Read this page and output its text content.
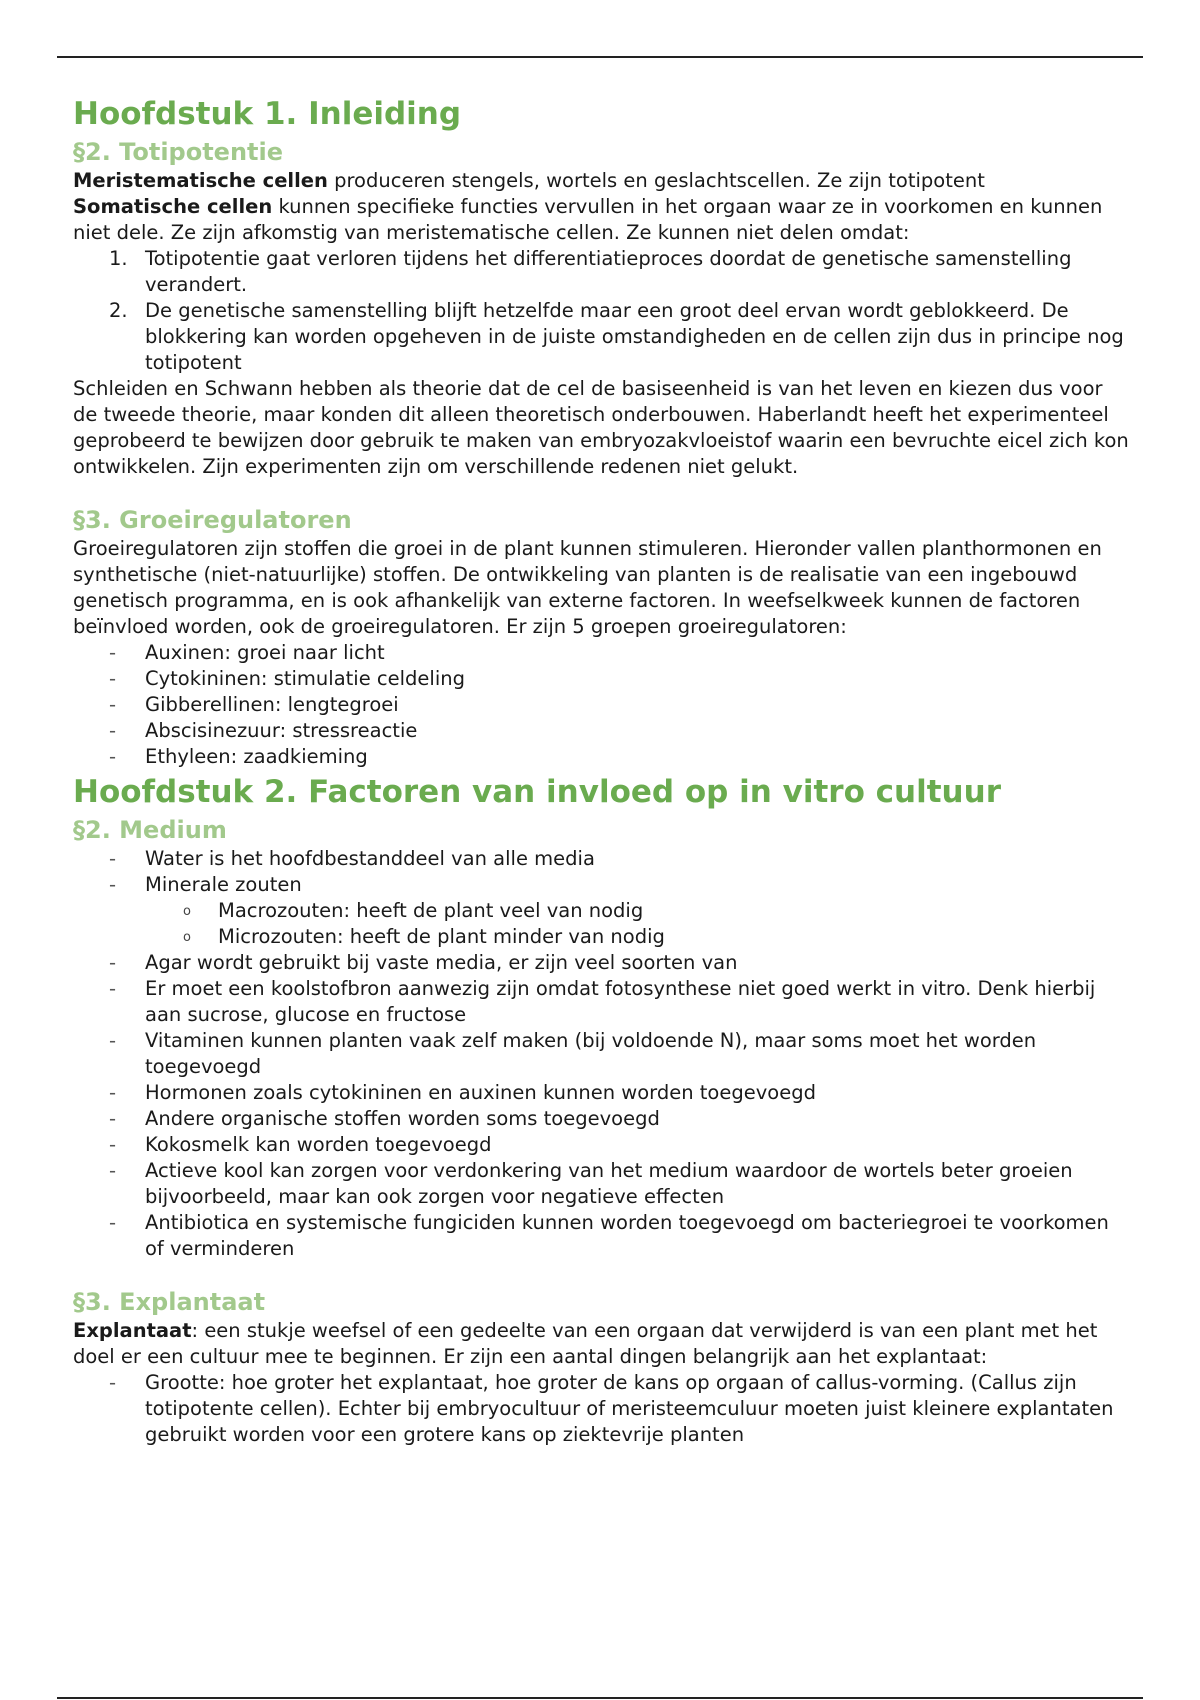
Hoofdstuk 1. Inleiding
§2. Totipotentie

Meristematische cellen produceren stengels, wortels en geslachtscellen. Ze zijn totipotent

Somatische cellen kunnen specifieke functies vervullen in het orgaan waar ze in voorkomen en kunnen niet dele. Ze zijn afkomstig van meristematische cellen. Ze kunnen niet delen omdat:

1. Totipotentie gaat verloren tijdens het differentiatieproces doordat de genetische samenstelling verandert.
2. De genetische samenstelling blijft hetzelfde maar een groot deel ervan wordt geblokkeerd. De blokkering kan worden opgeheven in de juiste omstandigheden en de cellen zijn dus in principe nog totipotent

Schleiden en Schwann hebben als theorie dat de cel de basiseenheid is van het leven en kiezen dus voor de tweede theorie, maar konden dit alleen theoretisch onderbouwen. Haberlandt heeft het experimenteel geprobeerd te bewijzen door gebruik te maken van embryozakvloeistof waarin een bevruchte eicel zich kon ontwikkelen. Zijn experimenten zijn om verschillende redenen niet gelukt.

§3. Groeiregulatoren

Groeiregulatoren zijn stoffen die groei in de plant kunnen stimuleren. Hieronder vallen planthormonen en synthetische (niet-natuurlijke) stoffen. De ontwikkeling van planten is de realisatie van een ingebouwd genetisch programma, en is ook afhankelijk van externe factoren. In weefselkweek kunnen de factoren beïnvloed worden, ook de groeiregulatoren. Er zijn 5 groepen groeiregulatoren:

- Auxinen: groei naar licht
- Cytokininen: stimulatie celdeling
- Gibberellinen: lengtegroei
- Abscisinezuur: stressreactie
- Ethyleen: zaadkieming
Hoofdstuk 2. Factoren van invloed op in vitro cultuur
§2. Medium
- Water is het hoofdbestanddeel van alle media
- Minerale zouten
o Macrozouten: heeft de plant veel van nodig
o Microzouten: heeft de plant minder van nodig
- Agar wordt gebruikt bij vaste media, er zijn veel soorten van
- Er moet een koolstofbron aanwezig zijn omdat fotosynthese niet goed werkt in vitro. Denk hierbij aan sucrose, glucose en fructose
- Vitaminen kunnen planten vaak zelf maken (bij voldoende N), maar soms moet het worden toegevoegd
- Hormonen zoals cytokininen en auxinen kunnen worden toegevoegd
- Andere organische stoffen worden soms toegevoegd
- Kokosmelk kan worden toegevoegd
- Actieve kool kan zorgen voor verdonkering van het medium waardoor de wortels beter groeien bijvoorbeeld, maar kan ook zorgen voor negatieve effecten
- Antibiotica en systemische fungiciden kunnen worden toegevoegd om bacteriegroei te voorkomen of verminderen
§3. Explantaat

Explantaat: een stukje weefsel of een gedeelte van een orgaan dat verwijderd is van een plant met het doel er een cultuur mee te beginnen. Er zijn een aantal dingen belangrijk aan het explantaat:

- Grootte: hoe groter het explantaat, hoe groter de kans op orgaan of callus-vorming. (Callus zijn totipotente cellen). Echter bij embryocultuur of meristeemculuur moeten juist kleinere explantaten gebruikt worden voor een grotere kans op ziektevrije planten
